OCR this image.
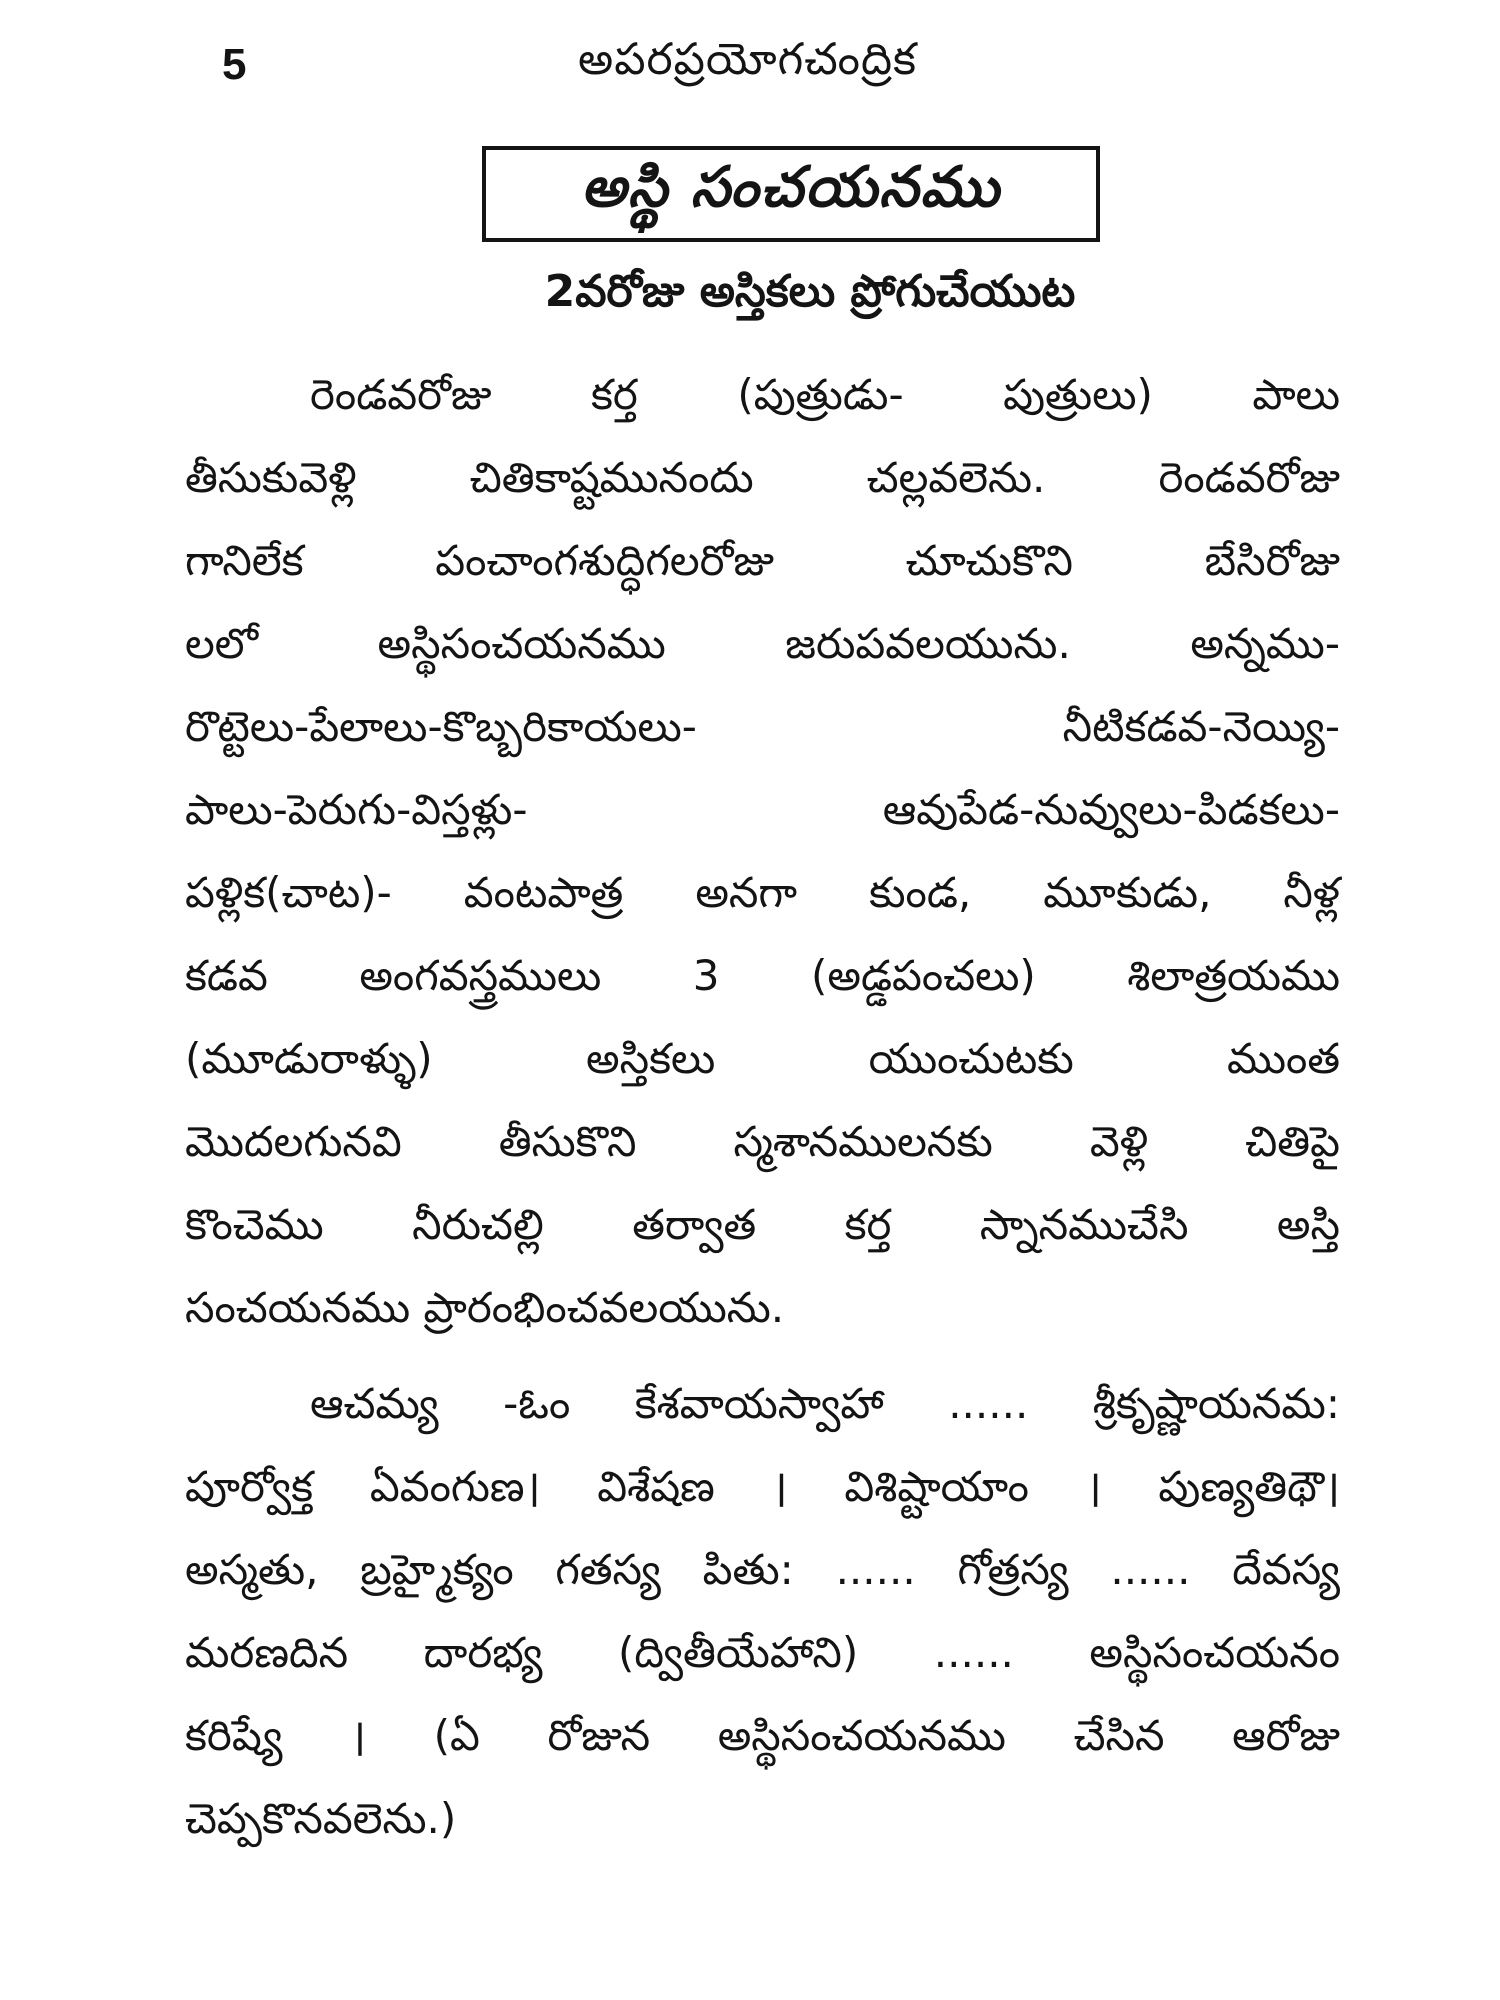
5	అపరప్రయోగచంద్రిక
అస్థి సంచయనము
2వరోజు అస్తికలు ప్రోగుచేయుట
రెండవరోజు కర్త (పుత్రుడు- పుత్రులు) పాలు
తీసుకువెళ్లి చితికాష్టమునందు చల్లవలెను. రెండవరోజు
గానిలేక పంచాంగశుద్ధిగలరోజు చూచుకొని బేసిరోజు
లలో అస్థిసంచయనము జరుపవలయును. అన్నము-
రొట్టెలు-పేలాలు-కొబ్బరికాయలు- నీటికడవ-నెయ్యి-
పాలు-పెరుగు-విస్తళ్లు- ఆవుపేడ-నువ్వులు-పిడకలు-
పళ్లిక(చాట)- వంటపాత్ర అనగా కుండ, మూకుడు, నీళ్ల
కడవ అంగవస్త్రములు 3 (అడ్డపంచలు) శిలాత్రయము
(మూడురాళ్ళు) అస్తికలు యుంచుటకు ముంత
మొదలగునవి తీసుకొని స్మశానములనకు వెళ్లి చితిపై
కొంచెము నీరుచల్లి తర్వాత కర్త స్నానముచేసి అస్తి
సంచయనము ప్రారంభించవలయును.
ఆచమ్య -ఓం కేశవాయస్వాహా ...... శ్రీకృష్ణాయనమ:
పూర్వోక్త ఏవంగుణ। విశేషణ । విశిష్టాయాం । పుణ్యతిథౌ।
అస్మతు, బ్రహ్మైక్యం గతస్య పితు: ...... గోత్రస్య ...... దేవస్య
మరణదిన దారభ్య (ద్వితీయేహాని) ...... అస్థిసంచయనం
కరిష్యే । (ఏ రోజున అస్థిసంచయనము చేసిన ఆరోజు
చెప్పకొనవలెను.)
